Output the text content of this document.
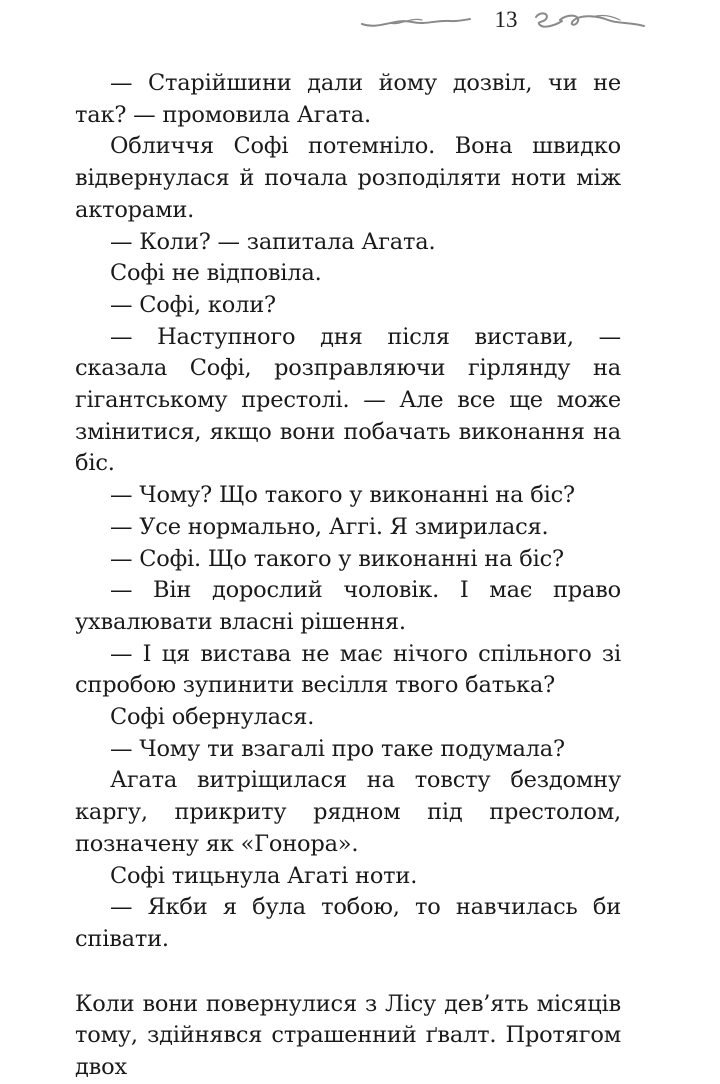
13

— Старійшини дали йому дозвіл, чи не так? — промовила Агата.

Обличчя Софі потемніло. Вона швидко відвернулася й почала розподіляти ноти між акторами.

— Коли? — запитала Агата.

Софі не відповіла.

— Софі, коли?

— Наступного дня після вистави, — сказала Софі, розправляючи гірлянду на гігантському престолі. — Але все ще може змінитися, якщо вони побачать виконання на біс.

— Чому? Що такого у виконанні на біс?

— Усе нормально, Аггі. Я змирилася.

— Софі. Що такого у виконанні на біс?

— Він дорослий чоловік. І має право ухвалювати власні рішення.

— І ця вистава не має нічого спільного зі спробою зупинити весілля твого батька?

Софі обернулася.

— Чому ти взагалі про таке подумала?

Агата витріщилася на товсту бездомну каргу, прикриту рядном під престолом, позначену як «Гонора».

Софі тицьнула Агаті ноти.

— Якби я була тобою, то навчилась би співати.

Коли вони повернулися з Лісу дев’ять місяців тому, здійнявся страшенний ґвалт. Протягом двох
